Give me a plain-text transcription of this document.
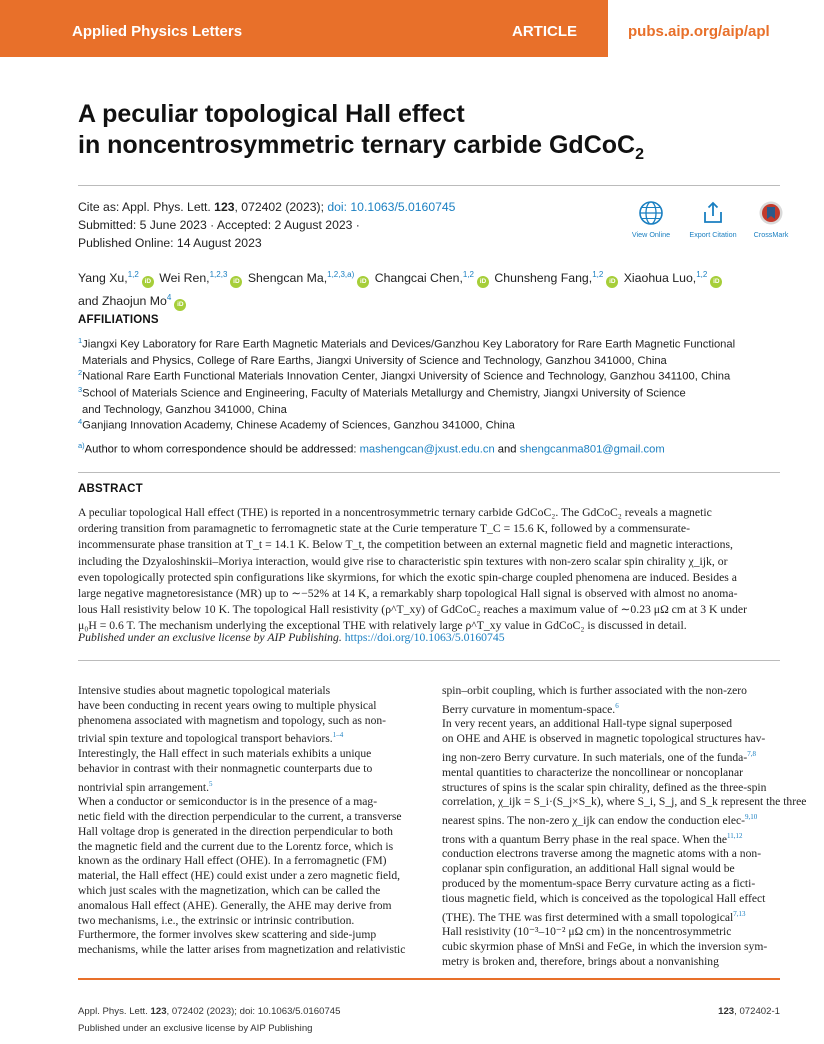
Applied Physics Letters	ARTICLE	pubs.aip.org/aip/apl
A peculiar topological Hall effect
in noncentrosymmetric ternary carbide GdCoC$_2$
Cite as: Appl. Phys. Lett. 123, 072402 (2023); doi: 10.1063/5.0160745
Submitted: 5 June 2023 · Accepted: 2 August 2023 ·
Published Online: 14 August 2023
View Online	Export Citation	CrossMark
Yang Xu,$^{1,2}$iD Wei Ren,$^{1,2,3}$iD Shengcan Ma,$^{1,2,3,a)}$iD Changcai Chen,$^{1,2}$iD Chunsheng Fang,$^{1,2}$iD Xiaohua Luo,$^{1,2}$iD
and Zhaojun Mo$^4$iD
AFFILIATIONS
$^1$Jiangxi Key Laboratory for Rare Earth Magnetic Materials and Devices/Ganzhou Key Laboratory for Rare Earth Magnetic Functional
Materials and Physics, College of Rare Earths, Jiangxi University of Science and Technology, Ganzhou 341000, China
$^2$National Rare Earth Functional Materials Innovation Center, Jiangxi University of Science and Technology, Ganzhou 341100, China
$^3$School of Materials Science and Engineering, Faculty of Materials Metallurgy and Chemistry, Jiangxi University of Science
and Technology, Ganzhou 341000, China
$^4$Ganjiang Innovation Academy, Chinese Academy of Sciences, Ganzhou 341000, China
$^{a)}$Author to whom correspondence should be addressed: mashengcan@jxust.edu.cn and shengcanma801@gmail.com
ABSTRACT
A peculiar topological Hall effect (THE) is reported in a noncentrosymmetric ternary carbide GdCoC₂. The GdCoC₂ reveals a magnetic
ordering transition from paramagnetic to ferromagnetic state at the Curie temperature T_C = 15.6 K, followed by a commensurate-
incommensurate phase transition at T_t = 14.1 K. Below T_t, the competition between an external magnetic field and magnetic interactions,
including the Dzyaloshinskii–Moriya interaction, would give rise to characteristic spin textures with non-zero scalar spin chirality χ_ijk, or
even topologically protected spin configurations like skyrmions, for which the exotic spin-charge coupled phenomena are induced. Besides a
large negative magnetoresistance (MR) up to ∼−52% at 14 K, a remarkably sharp topological Hall signal is observed with almost no anoma-
lous Hall resistivity below 10 K. The topological Hall resistivity (ρ^T_xy) of GdCoC₂ reaches a maximum value of ∼0.23 μΩ cm at 3 K under
μ₀H = 0.6 T. The mechanism underlying the exceptional THE with relatively large ρ^T_xy value in GdCoC₂ is discussed in detail.
Published under an exclusive license by AIP Publishing. https://doi.org/10.1063/5.0160745
Intensive studies about magnetic topological materials
have been conducting in recent years owing to multiple physical
phenomena associated with magnetism and topology, such as non-
trivial spin texture and topological transport behaviors.$^{1-4}$
Interestingly, the Hall effect in such materials exhibits a unique
behavior in contrast with their nonmagnetic counterparts due to
nontrivial spin arrangement.$^5$
When a conductor or semiconductor is in the presence of a mag-
netic field with the direction perpendicular to the current, a transverse
Hall voltage drop is generated in the direction perpendicular to both
the magnetic field and the current due to the Lorentz force, which is
known as the ordinary Hall effect (OHE). In a ferromagnetic (FM)
material, the Hall effect (HE) could exist under a zero magnetic field,
which just scales with the magnetization, which can be called the
anomalous Hall effect (AHE). Generally, the AHE may derive from
two mechanisms, i.e., the extrinsic or intrinsic contribution.
Furthermore, the former involves skew scattering and side-jump
mechanisms, while the latter arises from magnetization and relativistic
spin–orbit coupling, which is further associated with the non-zero
Berry curvature in momentum-space.$^6$
In very recent years, an additional Hall-type signal superposed
on OHE and AHE is observed in magnetic topological structures hav-
ing non-zero Berry curvature. In such materials, one of the funda-$^{7,8}$
mental quantities to characterize the noncollinear or noncoplanar
structures of spins is the scalar spin chirality, defined as the three-spin
correlation, χ_ijk = S_i·(S_j×S_k), where S_i, S_j, and S_k represent the three
nearest spins. The non-zero χ_ijk can endow the conduction elec-$^{9,10}$
trons with a quantum Berry phase in the real space. When the$^{11,12}$
conduction electrons traverse among the magnetic atoms with a non-
coplanar spin configuration, an additional Hall signal would be
produced by the momentum-space Berry curvature acting as a ficti-
tious magnetic field, which is conceived as the topological Hall effect
(THE). The THE was first determined with a small topological$^{7,13}$
Hall resistivity (10⁻³–10⁻² μΩ cm) in the noncentrosymmetric
cubic skyrmion phase of MnSi and FeGe, in which the inversion sym-
metry is broken and, therefore, brings about a nonvanishing
Appl. Phys. Lett. 123, 072402 (2023); doi: 10.1063/5.0160745
Published under an exclusive license by AIP Publishing
123, 072402-1
